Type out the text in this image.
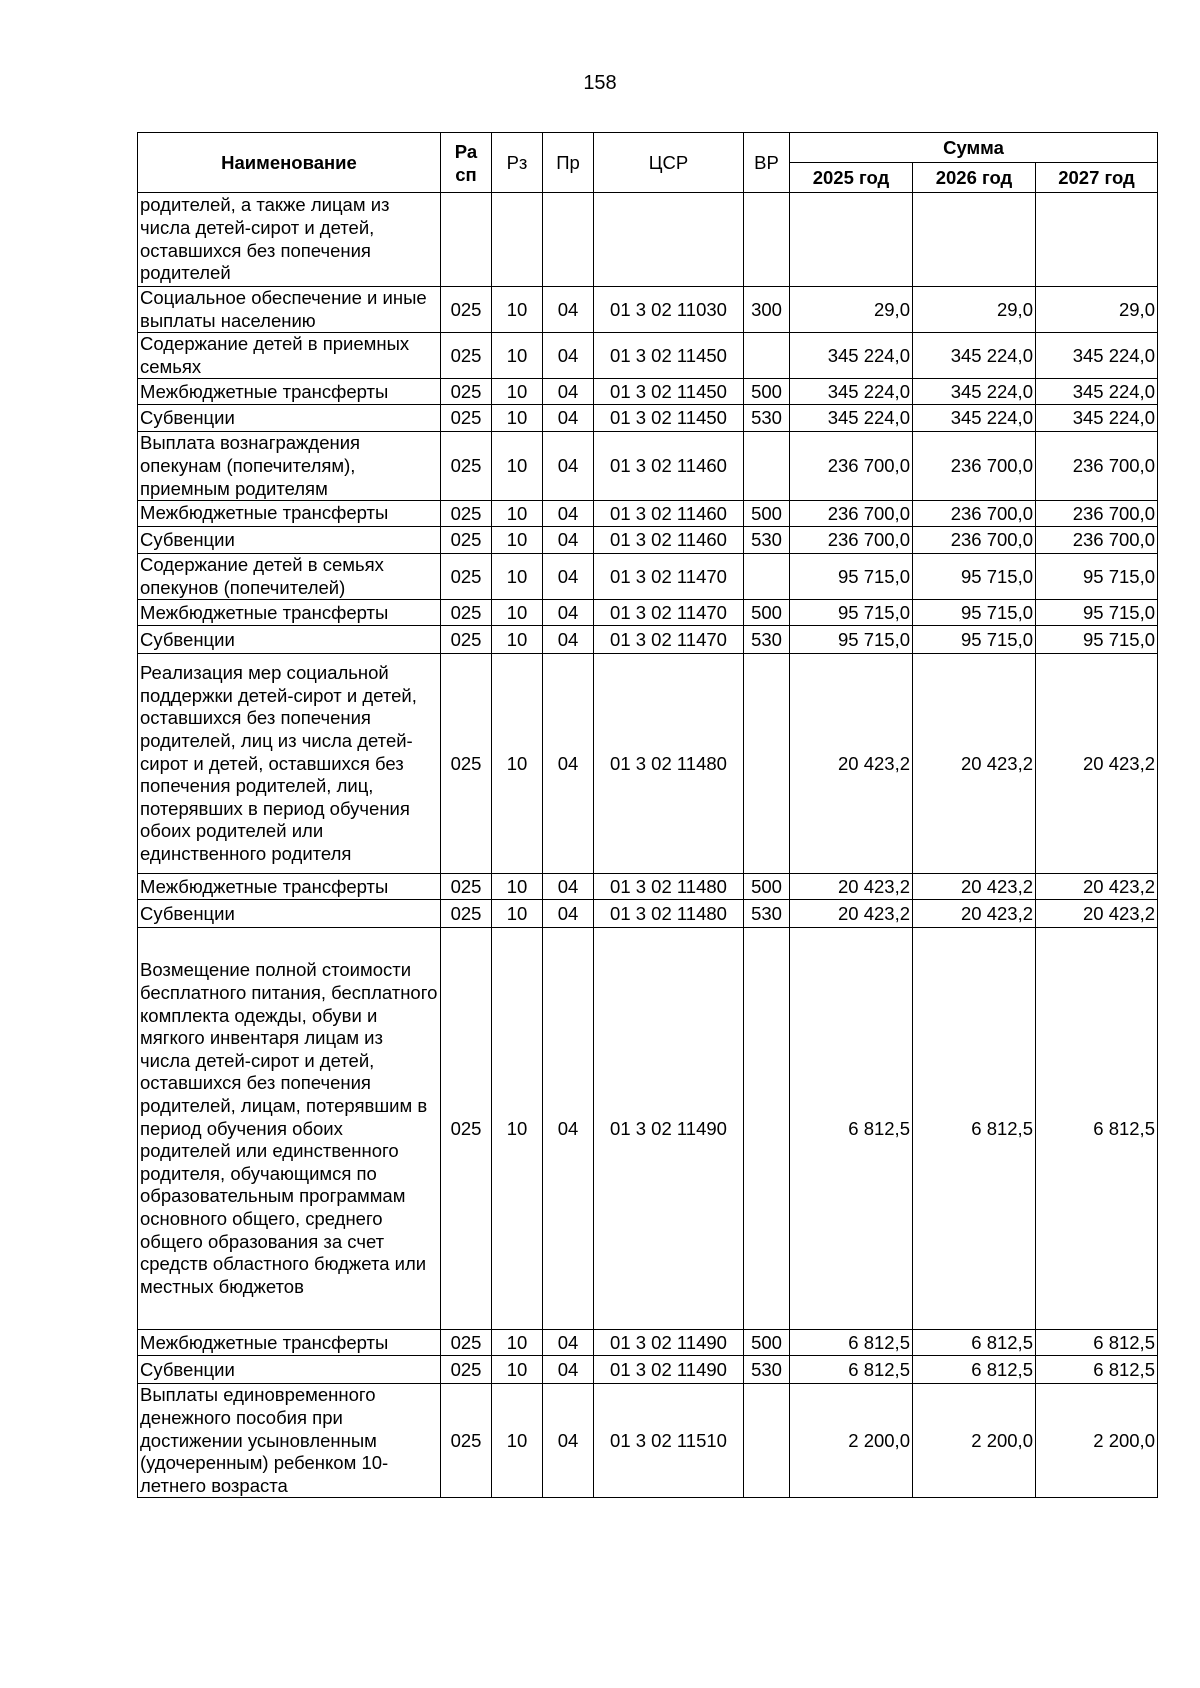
158
Наименование	Ра сп	Рз	Пр	ЦСР	ВР	Сумма		
						2025 год	2026 год	2027 год
родителей, а также лицам из числа детей-сирот и детей, оставшихся без попечения родителей								
Социальное обеспечение и иные выплаты населению	025	10	04	01 3 02 11030	300	29,0	29,0	29,0
Содержание детей в приемных семьях	025	10	04	01 3 02 11450		345 224,0	345 224,0	345 224,0
Межбюджетные трансферты	025	10	04	01 3 02 11450	500	345 224,0	345 224,0	345 224,0
Субвенции	025	10	04	01 3 02 11450	530	345 224,0	345 224,0	345 224,0
Выплата вознаграждения опекунам (попечителям), приемным родителям	025	10	04	01 3 02 11460		236 700,0	236 700,0	236 700,0
Межбюджетные трансферты	025	10	04	01 3 02 11460	500	236 700,0	236 700,0	236 700,0
Субвенции	025	10	04	01 3 02 11460	530	236 700,0	236 700,0	236 700,0
Содержание детей в семьях опекунов (попечителей)	025	10	04	01 3 02 11470		95 715,0	95 715,0	95 715,0
Межбюджетные трансферты	025	10	04	01 3 02 11470	500	95 715,0	95 715,0	95 715,0
Субвенции	025	10	04	01 3 02 11470	530	95 715,0	95 715,0	95 715,0
Реализация мер социальной поддержки детей-сирот и детей, оставшихся без попечения родителей, лиц из числа детей-сирот и детей, оставшихся без попечения родителей, лиц, потерявших в период обучения обоих родителей или единственного родителя	025	10	04	01 3 02 11480		20 423,2	20 423,2	20 423,2
Межбюджетные трансферты	025	10	04	01 3 02 11480	500	20 423,2	20 423,2	20 423,2
Субвенции	025	10	04	01 3 02 11480	530	20 423,2	20 423,2	20 423,2
Возмещение полной стоимости бесплатного питания, бесплатного комплекта одежды, обуви и мягкого инвентаря лицам из числа детей-сирот и детей, оставшихся без попечения родителей, лицам, потерявшим в период обучения обоих родителей или единственного родителя, обучающимся по образовательным программам основного общего, среднего общего образования за счет средств областного бюджета или местных бюджетов	025	10	04	01 3 02 11490		6 812,5	6 812,5	6 812,5
Межбюджетные трансферты	025	10	04	01 3 02 11490	500	6 812,5	6 812,5	6 812,5
Субвенции	025	10	04	01 3 02 11490	530	6 812,5	6 812,5	6 812,5
Выплаты единовременного денежного пособия при достижении усыновленным (удочеренным) ребенком 10-летнего возраста	025	10	04	01 3 02 11510		2 200,0	2 200,0	2 200,0
